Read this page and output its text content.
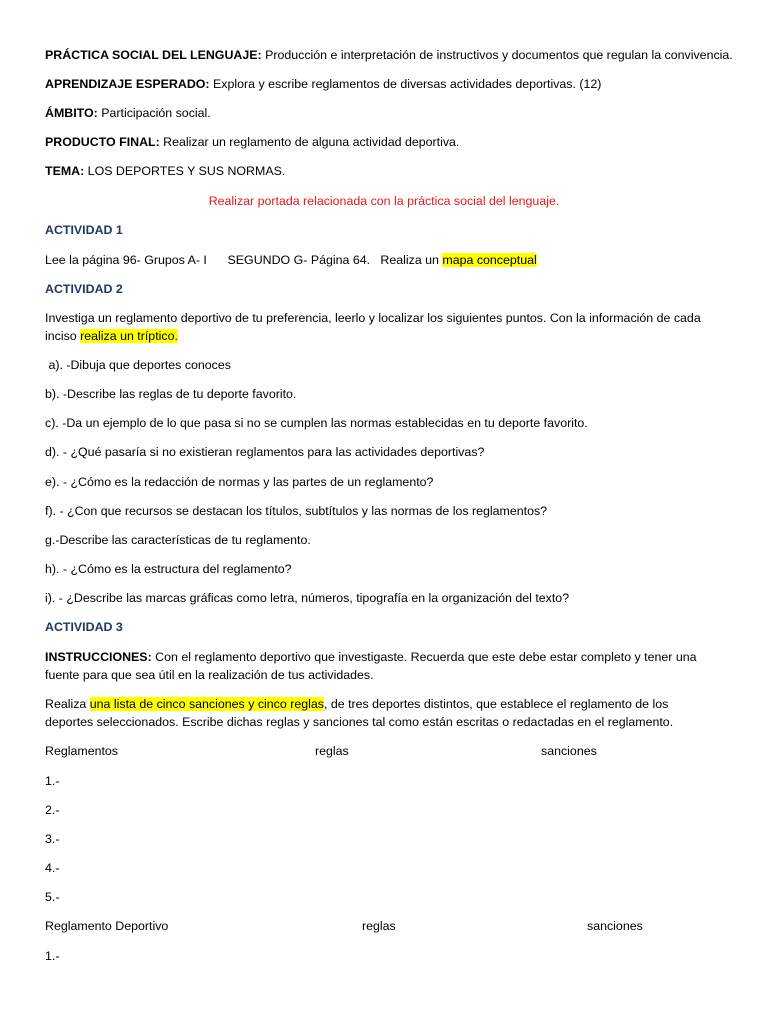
PRÁCTICA SOCIAL DEL LENGUAJE: Producción e interpretación de instructivos y documentos que regulan la convivencia.
APRENDIZAJE ESPERADO: Explora y escribe reglamentos de diversas actividades deportivas. (12)
ÁMBITO: Participación social.
PRODUCTO FINAL: Realizar un reglamento de alguna actividad deportiva.
TEMA: LOS DEPORTES Y SUS NORMAS.
Realizar portada relacionada con la práctica social del lenguaje.
ACTIVIDAD 1
Lee la página 96- Grupos A- I      SEGUNDO G- Página 64.   Realiza un mapa conceptual
ACTIVIDAD 2
Investiga un reglamento deportivo de tu preferencia, leerlo y localizar los siguientes puntos. Con la información de cada
inciso realiza un tríptico.
a). -Dibuja que deportes conoces
b). -Describe las reglas de tu deporte favorito.
c). -Da un ejemplo de lo que pasa si no se cumplen las normas establecidas en tu deporte favorito.
d). - ¿Qué pasaría si no existieran reglamentos para las actividades deportivas?
e). - ¿Cómo es la redacción de normas y las partes de un reglamento?
f). - ¿Con que recursos se destacan los títulos, subtítulos y las normas de los reglamentos?
g.-Describe las características de tu reglamento.
h). - ¿Cómo es la estructura del reglamento?
i). - ¿Describe las marcas gráficas como letra, números, tipografía en la organización del texto?
ACTIVIDAD 3
INSTRUCCIONES: Con el reglamento deportivo que investigaste. Recuerda que este debe estar completo y tener una
fuente para que sea útil en la realización de tus actividades.
Realiza una lista de cinco sanciones y cinco reglas, de tres deportes distintos, que establece el reglamento de los
deportes seleccionados. Escribe dichas reglas y sanciones tal como están escritas o redactadas en el reglamento.
Reglamentos	reglas	sanciones
1.-
2.-
3.-
4.-
5.-
Reglamento Deportivo	reglas	sanciones
1.-
